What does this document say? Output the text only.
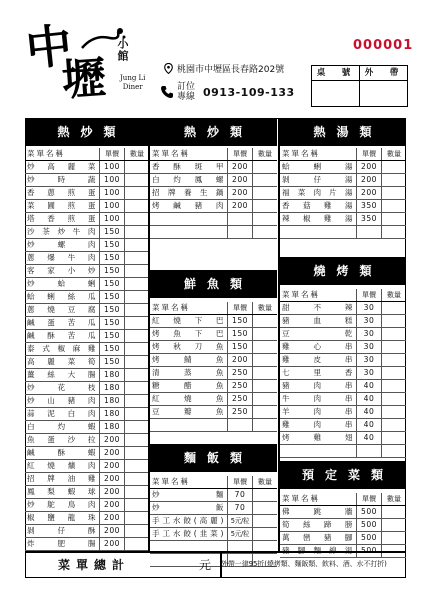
中
壢
小館
Jung Li
Diner
桃園市中壢區長春路202號
訂位專線 0913-109-133
000001
桌　號	外　帶
熱炒類
菜單名稱	單價	數量
炒高麗菜	100
炒時蔬	100
香蔥煎蛋	100
菜圃煎蛋	100
塔香煎蛋	100
沙茶炒牛肉	150
炒螺肉	150
蔥爆牛肉	150
客家小炒	150
炒蛤蜊	150
蛤蜊絲瓜	150
蔥燒豆腐	150
鹹蛋苦瓜	150
鹹酥苦瓜	150
泰式椒麻雞	150
高麗菜筍	150
薑絲大腸	180
炒花枝	180
炒山豬肉	180
蒜泥白肉	180
白灼蝦	180
魚蛋沙拉	200
鹹酥蝦	200
紅燒爌肉	200
招牌油雞	200
鳳梨蝦球	200
炒鴕鳥肉	200
椒鹽龍珠	200
剝仔酥	200
炸肥腸	200
熱炒類
菜單名稱	單價	數量
香酥斑甲	200
白灼鳳螺	200
招牌養生鍋	200
烤鹹豬肉	200
鮮魚類
菜單名稱	單價	數量
紅燒下巴	150
烤魚下巴	150
烤秋刀魚	150
烤鯖魚	200
清蒸魚	250
糖醋魚	250
紅燒魚	250
豆瓣魚	250
麵飯類
菜單名稱	單價	數量
炒麵	70
炒飯	70
手工水餃(高麗)	5元/粒
手工水餃(韭菜)	5元/粒
熱湯類
菜單名稱	單價	數量
蛤蜊湯	200
剝仔湯	200
福菜肉片湯	200
香菇雞湯	350
辣椒雞湯	350
燒烤類
菜單名稱	單價	數量
甜不辣	30
豬血糕	30
豆乾	30
雞心串	30
雞皮串	30
七里香	30
豬肉串	40
牛肉串	40
羊肉串	40
雞肉串	40
烤雞翅	40
預定菜類
菜單名稱	單價	數量
佛跳牆	500
筍絲蹄膀	500
萬巒豬腳	500
菜單總計	元 外帶一律95折(燒烤類、麵飯類、飲料、酒、水不打折)
